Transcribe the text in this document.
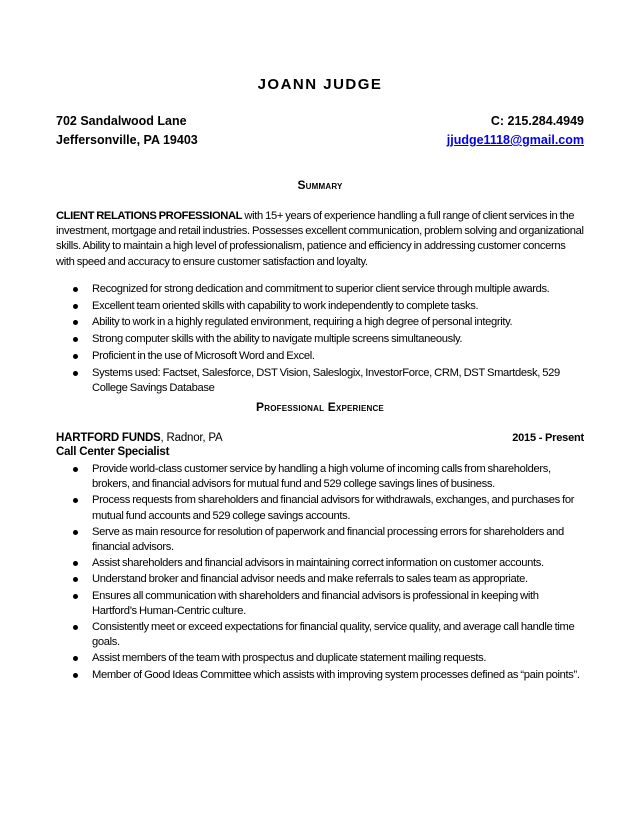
JOANN JUDGE
702 Sandalwood Lane	C: 215.284.4949
Jeffersonville, PA 19403	jjudge1118@gmail.com
Summary
CLIENT RELATIONS PROFESSIONAL with 15+ years of experience handling a full range of client services in the investment, mortgage and retail industries. Possesses excellent communication, problem solving and organizational skills. Ability to maintain a high level of professionalism, patience and efficiency in addressing customer concerns with speed and accuracy to ensure customer satisfaction and loyalty.
Recognized for strong dedication and commitment to superior client service through multiple awards.
Excellent team oriented skills with capability to work independently to complete tasks.
Ability to work in a highly regulated environment, requiring a high degree of personal integrity.
Strong computer skills with the ability to navigate multiple screens simultaneously.
Proficient in the use of Microsoft Word and Excel.
Systems used: Factset, Salesforce, DST Vision, Saleslogix, InvestorForce, CRM, DST Smartdesk, 529 College Savings Database
Professional Experience
HARTFORD FUNDS, Radnor, PA	2015 - Present
Call Center Specialist
Provide world-class customer service by handling a high volume of incoming calls from shareholders, brokers, and financial advisors for mutual fund and 529 college savings lines of business.
Process requests from shareholders and financial advisors for withdrawals, exchanges, and purchases for mutual fund accounts and 529 college savings accounts.
Serve as main resource for resolution of paperwork and financial processing errors for shareholders and financial advisors.
Assist shareholders and financial advisors in maintaining correct information on customer accounts.
Understand broker and financial advisor needs and make referrals to sales team as appropriate.
Ensures all communication with shareholders and financial advisors is professional in keeping with Hartford’s Human-Centric culture.
Consistently meet or exceed expectations for financial quality, service quality, and average call handle time goals.
Assist members of the team with prospectus and duplicate statement mailing requests.
Member of Good Ideas Committee which assists with improving system processes defined as “pain points”.
